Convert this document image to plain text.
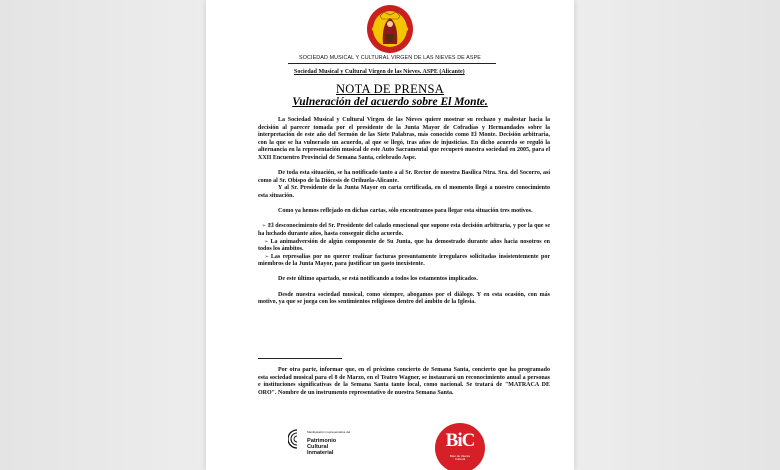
SOCIEDAD MUSICAL Y CULTURAL VIRGEN DE LAS NIEVES DE ASPE
Sociedad Musical y Cultural Virgen de las Nieves. ASPE (Alicante)
NOTA DE PRENSA
Vulneración del acuerdo sobre El Monte.

La Sociedad Musical y Cultural Virgen de las Nieves quiere mostrar su rechazo y malestar hacia la decisión al parecer tomada por el presidente de la Junta Mayor de Cofradías y Hermandades sobre la interpretación de este año del Sermón de las Siete Palabras, más conocido como El Monte. Decisión arbitraria, con la que se ha vulnerado un acuerdo, al que se llegó, tras años de injusticias. En dicho acuerdo se reguló la alternancia en la representación musical de este Auto Sacramental que recuperó nuestra sociedad en 2005, para el XXII Encuentro Provincial de Semana Santa, celebrado Aspe.

De toda esta situación, se ha notificado tanto a al Sr. Rector de nuestra Basílica Ntra. Sra. del Socorro, así como al Sr. Obispo de la Diócesis de Orihuela-Alicante.

Y al Sr. Presidente de la Junta Mayor en carta certificada, en el momento llegó a nuestro conocimiento esta situación.

Como ya hemos reflejado en dichas cartas, sólo encontramos para llegar esta situación tres motivos.

➢ El desconocimiento del Sr. Presidente del calado emocional que supone esta decisión arbitraria, y por la que se ha luchado durante años, hasta conseguir dicho acuerdo.

➢ La animadversión de algún componente de Su Junta, que ha demostrado durante años hacia nosotros en todos los ámbitos.

➢ Las represalias por no querer realizar facturas presuntamente irregulares solicitadas insistentemente por miembros de la Junta Mayor, para justificar un gasto inexistente.

De este último apartado, se está notificando a todos los estamentos implicados.

Desde nuestra sociedad musical, como siempre, abogamos por el diálogo. Y en esta ocasión, con más motivo, ya que se juega con los sentimientos religiosos dentro del ámbito de la Iglesia.

Por otra parte, informar que, en el próximo concierto de Semana Santa, concierto que ha programado esta sociedad musical para el 8 de Marzo, en el Teatro Wagner, se instaurará un reconocimiento anual a personas e instituciones significativas de la Semana Santa tanto local, como nacional. Se tratará de "MATRACA DE ORO". Nombre de un instrumento representativo de nuestra Semana Santa.

Manifestación representativa del
Patrimonio
Cultural
Inmaterial
BiC
Bien de Interés Cultural
